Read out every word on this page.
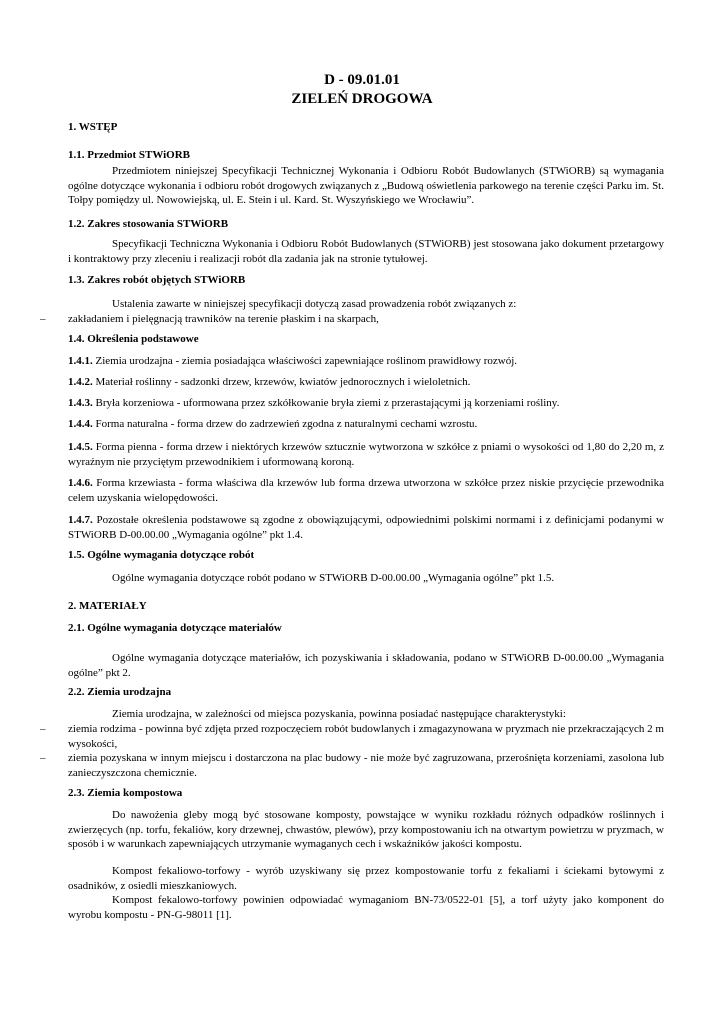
D - 09.01.01
ZIELEŃ DROGOWA
1. WSTĘP
1.1. Przedmiot STWiORB
Przedmiotem niniejszej Specyfikacji Technicznej Wykonania i Odbioru Robót Budowlanych (STWiORB) są wymagania ogólne dotyczące wykonania i odbioru robót drogowych związanych z „Budową oświetlenia parkowego na terenie części Parku im. St. Tołpy pomiędzy ul. Nowowiejską, ul. E. Stein i ul. Kard. St. Wyszyńskiego we Wrocławiu”.
1.2. Zakres stosowania STWiORB
Specyfikacji Techniczna Wykonania i Odbioru Robót Budowlanych (STWiORB) jest stosowana jako dokument przetargowy i kontraktowy przy zleceniu i realizacji robót dla zadania jak na stronie tytułowej.
1.3. Zakres robót objętych STWiORB
Ustalenia zawarte w niniejszej specyfikacji dotyczą zasad prowadzenia robót związanych z:
– zakładaniem i pielęgnacją trawników na terenie płaskim i na skarpach,
1.4. Określenia podstawowe
1.4.1. Ziemia urodzajna - ziemia posiadająca właściwości zapewniające roślinom prawidłowy rozwój.
1.4.2. Materiał roślinny - sadzonki drzew, krzewów, kwiatów jednorocznych i wieloletnich.
1.4.3. Bryła korzeniowa - uformowana przez szkółkowanie bryła ziemi z przerastającymi ją korzeniami rośliny.
1.4.4. Forma naturalna - forma drzew do zadrzewień zgodna z naturalnymi cechami wzrostu.
1.4.5. Forma pienna - forma drzew i niektórych krzewów sztucznie wytworzona w szkółce z pniami o wysokości od 1,80 do 2,20 m, z wyraźnym nie przyciętym przewodnikiem i uformowaną koroną.
1.4.6. Forma krzewiasta - forma właściwa dla krzewów lub forma drzewa utworzona w szkółce przez niskie przycięcie przewodnika celem uzyskania wielopędowości.
1.4.7. Pozostałe określenia podstawowe są zgodne z obowiązującymi, odpowiednimi polskimi normami i z definicjami podanymi w STWiORB D-00.00.00 „Wymagania ogólne” pkt 1.4.
1.5. Ogólne wymagania dotyczące robót
Ogólne wymagania dotyczące robót podano w STWiORB D-00.00.00 „Wymagania ogólne” pkt 1.5.
2. MATERIAŁY
2.1. Ogólne wymagania dotyczące materiałów
Ogólne wymagania dotyczące materiałów, ich pozyskiwania i składowania, podano w STWiORB D-00.00.00 „Wymagania ogólne” pkt 2.
2.2. Ziemia urodzajna
Ziemia urodzajna, w zależności od miejsca pozyskania, powinna posiadać następujące charakterystyki:
– ziemia rodzima - powinna być zdjęta przed rozpoczęciem robót budowlanych i zmagazynowana w pryzmach nie przekraczających 2 m wysokości,
– ziemia pozyskana w innym miejscu i dostarczona na plac budowy - nie może być zagruzowana, przerośnięta korzeniami, zasolona lub zanieczyszczona chemicznie.
2.3. Ziemia kompostowa
Do nawożenia gleby mogą być stosowane komposty, powstające w wyniku rozkładu różnych odpadków roślinnych i zwierzęcych (np. torfu, fekaliów, kory drzewnej, chwastów, plewów), przy kompostowaniu ich na otwartym powietrzu w pryzmach, w sposób i w warunkach zapewniających utrzymanie wymaganych cech i wskaźników jakości kompostu.
Kompost fekaliowo-torfowy - wyrób uzyskiwany się przez kompostowanie torfu z fekaliami i ściekami bytowymi z osadników, z osiedli mieszkaniowych.
Kompost fekalowo-torfowy powinien odpowiadać wymaganiom BN-73/0522-01 [5], a torf użyty jako komponent do wyrobu kompostu - PN-G-98011 [1].
